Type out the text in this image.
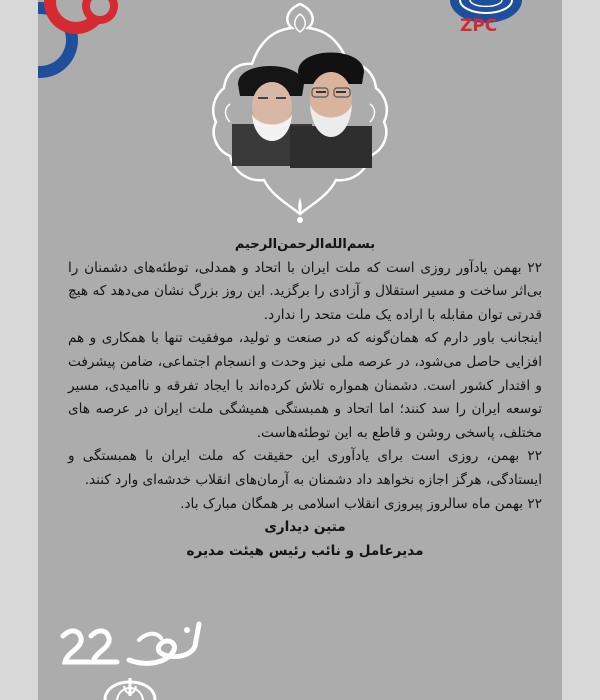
ZPC

بسم‌الله‌الرحمن‌الرحیم

۲۲ بهمن یادآور روزی است که ملت ایران با اتحاد و همدلی، توطئه‌های دشمنان را بی‌اثر ساخت و مسیر استقلال و آزادی را برگزید. این روز بزرگ نشان می‌دهد که هیچ قدرتی توان مقابله با اراده یک ملت متحد را ندارد.

اینجانب باور دارم که همان‌گونه که در صنعت و تولید، موفقیت تنها با همکاری و هم افزایی حاصل می‌شود، در عرصه ملی نیز وحدت و انسجام اجتماعی، ضامن پیشرفت و اقتدار کشور است. دشمنان همواره تلاش کرده‌اند با ایجاد تفرقه و ناامیدی، مسیر توسعه ایران را سد کنند؛ اما اتحاد و همبستگی همیشگی ملت ایران در عرصه های مختلف، پاسخی روشن و قاطع به این توطئه‌هاست.

۲۲ بهمن، روزی است برای یادآوری این حقیقت که ملت ایران با همبستگی و ایستادگی، هرگز اجازه نخواهد داد دشمنان به آرمان‌های انقلاب خدشه‌ای وارد کنند.

۲۲ بهمن ماه سالروز پیروزی انقلاب اسلامی بر همگان مبارک باد.

متین دیداری

مدیرعامل و نائب رئیس هیئت مدیره
